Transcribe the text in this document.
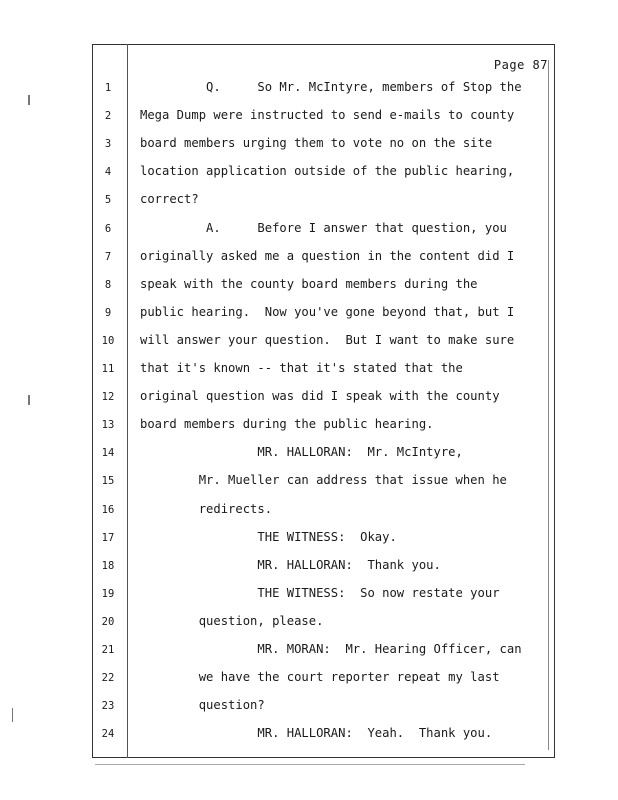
Page 87
1	Q.     So Mr. McIntyre, members of Stop the
2	Mega Dump were instructed to send e-mails to county
3	board members urging them to vote no on the site
4	location application outside of the public hearing,
5	correct?
6	A.     Before I answer that question, you
7	originally asked me a question in the content did I
8	speak with the county board members during the
9	public hearing.  Now you've gone beyond that, but I
10	will answer your question.  But I want to make sure
11	that it's known -- that it's stated that the
12	original question was did I speak with the county
13	board members during the public hearing.
14	MR. HALLORAN:  Mr. McIntyre,
15	Mr. Mueller can address that issue when he
16	redirects.
17	THE WITNESS:  Okay.
18	MR. HALLORAN:  Thank you.
19	THE WITNESS:  So now restate your
20	question, please.
21	MR. MORAN:  Mr. Hearing Officer, can
22	we have the court reporter repeat my last
23	question?
24	MR. HALLORAN:  Yeah.  Thank you.
